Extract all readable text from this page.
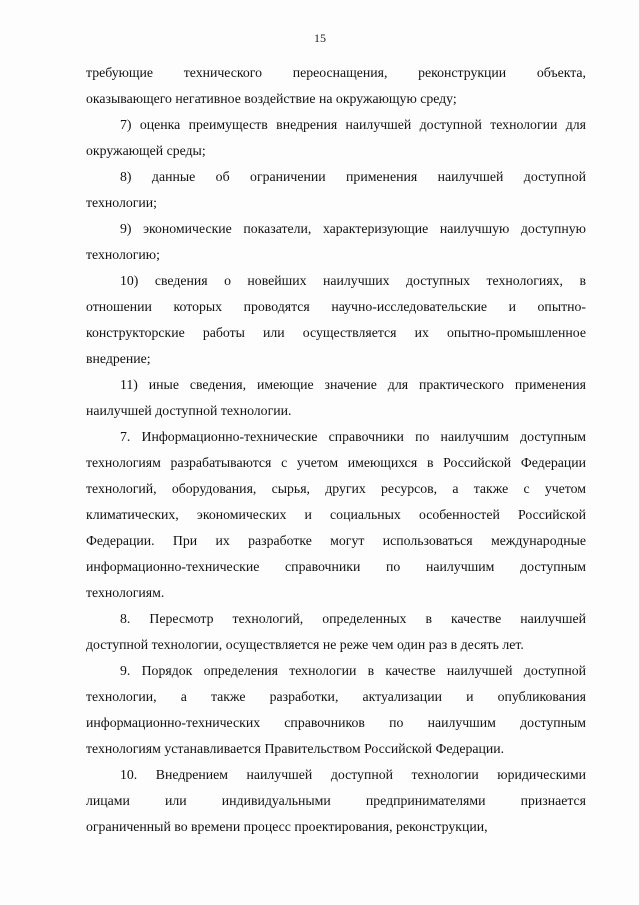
15
требующие технического переоснащения, реконструкции объекта,
оказывающего негативное воздействие на окружающую среду;
7) оценка преимуществ внедрения наилучшей доступной технологии для
окружающей среды;
8) данные об ограничении применения наилучшей доступной
технологии;
9) экономические показатели, характеризующие наилучшую доступную
технологию;
10) сведения о новейших наилучших доступных технологиях, в
отношении которых проводятся научно-исследовательские и опытно-
конструкторские работы или осуществляется их опытно-промышленное
внедрение;
11) иные сведения, имеющие значение для практического применения
наилучшей доступной технологии.
7. Информационно-технические справочники по наилучшим доступным
технологиям разрабатываются с учетом имеющихся в Российской Федерации
технологий, оборудования, сырья, других ресурсов, а также с учетом
климатических, экономических и социальных особенностей Российской
Федерации. При их разработке могут использоваться международные
информационно-технические справочники по наилучшим доступным
технологиям.
8. Пересмотр технологий, определенных в качестве наилучшей
доступной технологии, осуществляется не реже чем один раз в десять лет.
9. Порядок определения технологии в качестве наилучшей доступной
технологии, а также разработки, актуализации и опубликования
информационно-технических справочников по наилучшим доступным
технологиям устанавливается Правительством Российской Федерации.
10. Внедрением наилучшей доступной технологии юридическими
лицами или индивидуальными предпринимателями признается
ограниченный во времени процесс проектирования, реконструкции,
